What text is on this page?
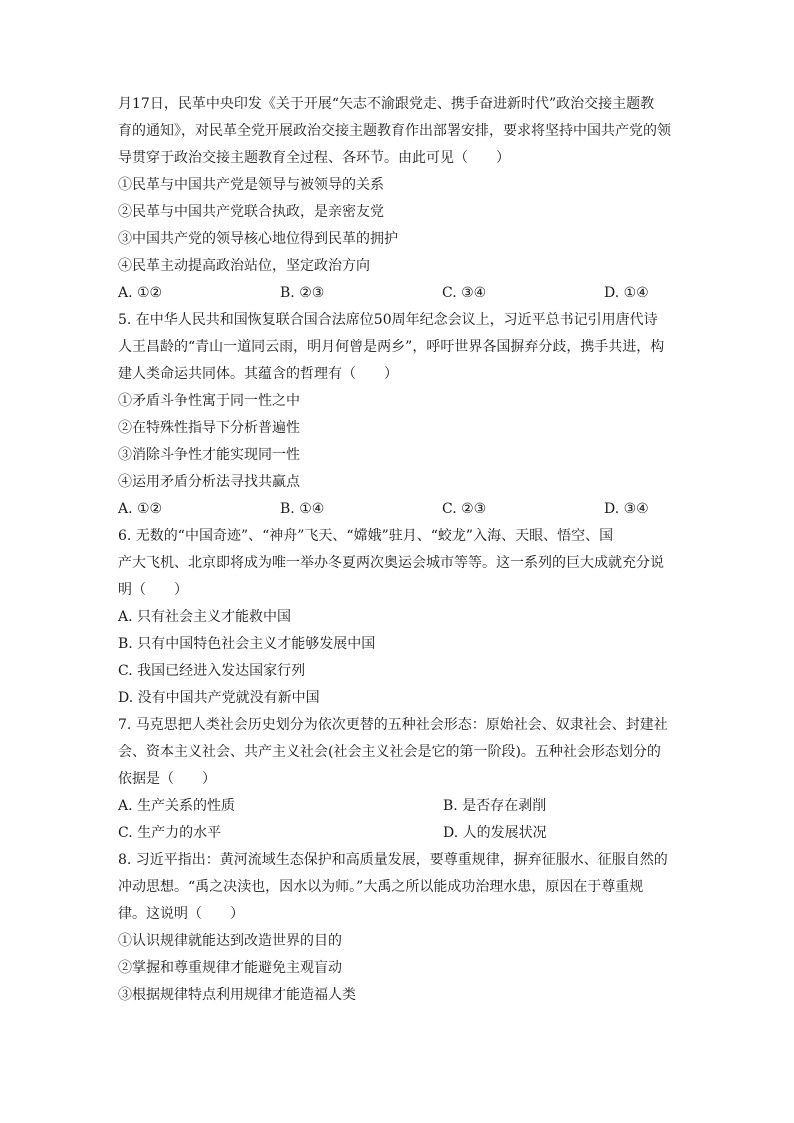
月17日，民革中央印发《关于开展“矢志不渝跟党走、携手奋进新时代”政治交接主题教
育的通知》，对民革全党开展政治交接主题教育作出部署安排，要求将坚持中国共产党的领
导贯穿于政治交接主题教育全过程、各环节。由此可见（　　）
①民革与中国共产党是领导与被领导的关系
②民革与中国共产党联合执政，是亲密友党
③中国共产党的领导核心地位得到民革的拥护
④民革主动提高政治站位，坚定政治方向
A. ①②	B. ②③	C. ③④	D. ①④
5. 在中华人民共和国恢复联合国合法席位50周年纪念会议上，习近平总书记引用唐代诗
人王昌龄的“青山一道同云雨，明月何曾是两乡”，呼吁世界各国摒弃分歧，携手共进，构
建人类命运共同体。其蕴含的哲理有（　　）
①矛盾斗争性寓于同一性之中
②在特殊性指导下分析普遍性
③消除斗争性才能实现同一性
④运用矛盾分析法寻找共赢点
A. ①②	B. ①④	C. ②③	D. ③④
6. 无数的“中国奇迹”、“神舟”飞天、“嫦娥”驻月、“蛟龙”入海、天眼、悟空、国
产大飞机、北京即将成为唯一举办冬夏两次奥运会城市等等。这一系列的巨大成就充分说
明（　　）
A. 只有社会主义才能救中国
B. 只有中国特色社会主义才能够发展中国
C. 我国已经进入发达国家行列
D. 没有中国共产党就没有新中国
7. 马克思把人类社会历史划分为依次更替的五种社会形态：原始社会、奴隶社会、封建社
会、资本主义社会、共产主义社会(社会主义社会是它的第一阶段)。五种社会形态划分的
依据是（　　）
A. 生产关系的性质	B. 是否存在剥削
C. 生产力的水平	D. 人的发展状况
8. 习近平指出：黄河流域生态保护和高质量发展，要尊重规律，摒弃征服水、征服自然的
冲动思想。“禹之决渎也，因水以为师。”大禹之所以能成功治理水患，原因在于尊重规
律。这说明（　　）
①认识规律就能达到改造世界的目的
②掌握和尊重规律才能避免主观盲动
③根据规律特点利用规律才能造福人类
